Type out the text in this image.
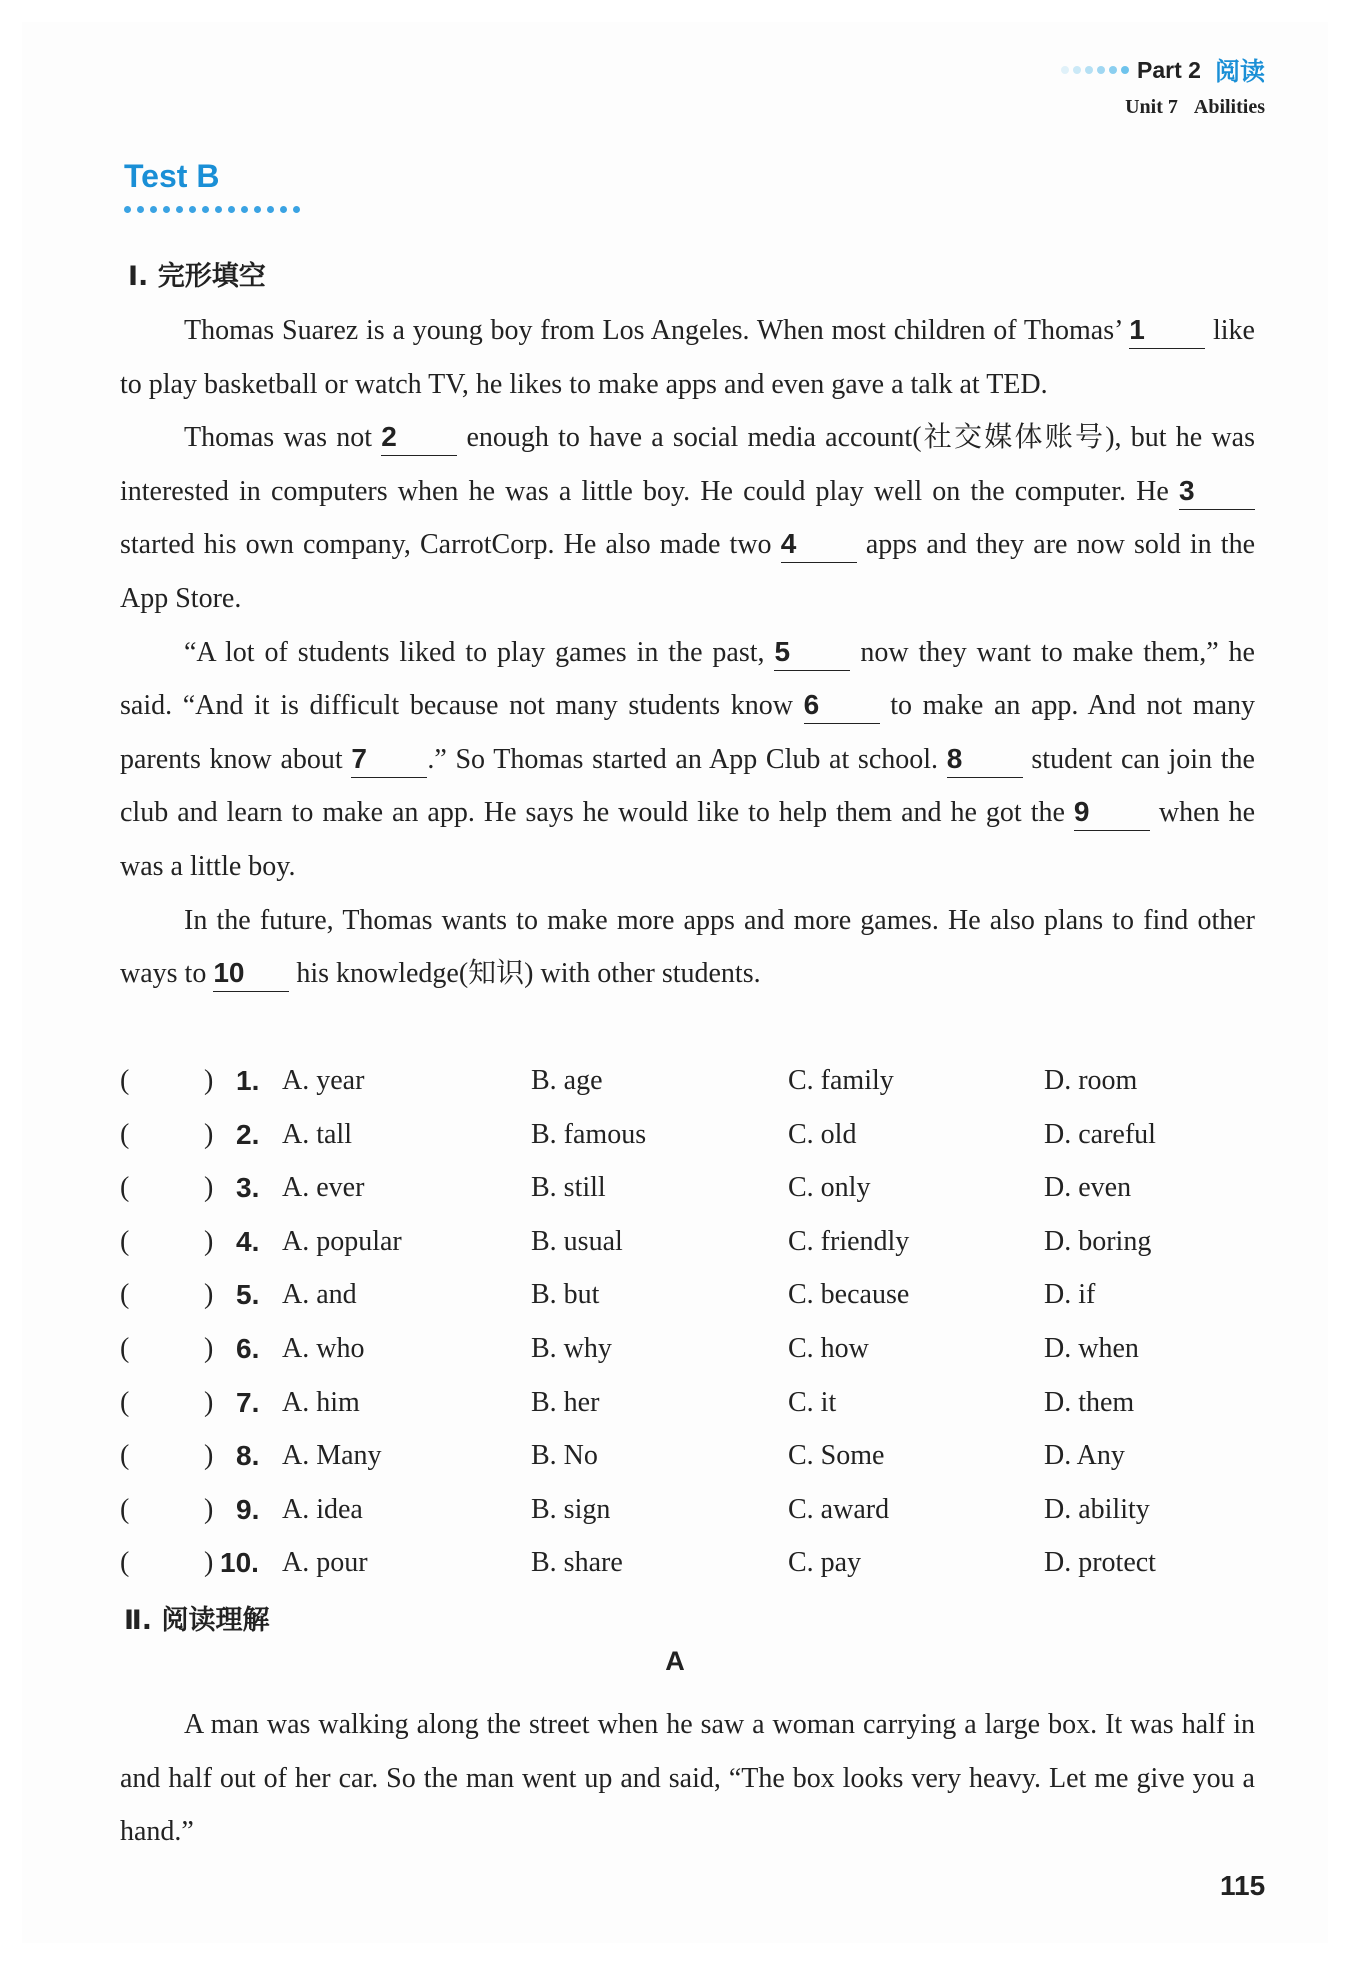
Part 2 阅读
Unit 7 Abilities
Test B
Ⅰ. 完形填空

Thomas Suarez is a young boy from Los Angeles. When most children of Thomas’ 1 like to play basketball or watch TV, he likes to make apps and even gave a talk at TED.

Thomas was not 2 enough to have a social media account(社交媒体账号), but he was interested in computers when he was a little boy. He could play well on the computer. He 3 started his own company, CarrotCorp. He also made two 4 apps and they are now sold in the App Store.

“A lot of students liked to play games in the past, 5 now they want to make them,” he said. “And it is difficult because not many students know 6 to make an app. And not many parents know about 7 .” So Thomas started an App Club at school. 8 student can join the club and learn to make an app. He says he would like to help them and he got the 9 when he was a little boy.

In the future, Thomas wants to make more apps and more games. He also plans to find other ways to 10 his knowledge(知识) with other students.

(	) 1. A. year	B. age	C. family	D. room
(	) 2. A. tall	B. famous	C. old	D. careful
(	) 3. A. ever	B. still	C. only	D. even
(	) 4. A. popular	B. usual	C. friendly	D. boring
(	) 5. A. and	B. but	C. because	D. if
(	) 6. A. who	B. why	C. how	D. when
(	) 7. A. him	B. her	C. it	D. them
(	) 8. A. Many	B. No	C. Some	D. Any
(	) 9. A. idea	B. sign	C. award	D. ability
(	) 10. A. pour	B. share	C. pay	D. protect
Ⅱ. 阅读理解
A

A man was walking along the street when he saw a woman carrying a large box. It was half in and half out of her car. So the man went up and said, “The box looks very heavy. Let me give you a hand.”

115
